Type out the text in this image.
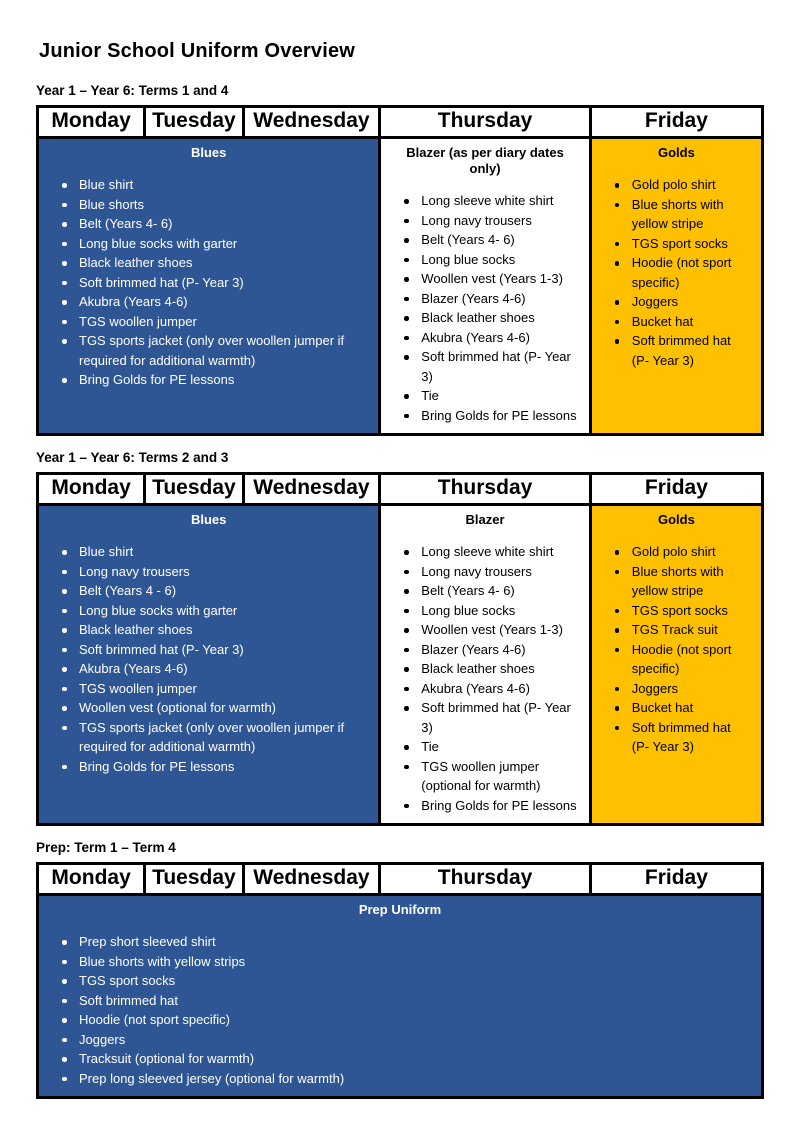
Junior School Uniform Overview
Year 1 – Year 6: Terms 1 and 4
Monday	Tuesday Wednesday	Thursday	Friday
Blues
Blue shirt
Blue shorts
Belt (Years 4- 6)
Long blue socks with garter
Black leather shoes
Soft brimmed hat (P- Year 3)
Akubra (Years 4-6)
TGS woollen jumper
TGS sports jacket (only over woollen jumper if required for additional warmth)
Bring Golds for PE lessons
Blazer (as per diary dates only)
Long sleeve white shirt
Long navy trousers
Belt (Years 4- 6)
Long blue socks
Woollen vest (Years 1-3)
Blazer (Years 4-6)
Black leather shoes
Akubra (Years 4-6)
Soft brimmed hat (P- Year 3)
Tie
Bring Golds for PE lessons
Golds
Gold polo shirt
Blue shorts with yellow stripe
TGS sport socks
Hoodie (not sport specific)
Joggers
Bucket hat
Soft brimmed hat (P- Year 3)
Year 1 – Year 6: Terms 2 and 3
Monday	Tuesday Wednesday	Thursday	Friday
Blues
Blue shirt
Long navy trousers
Belt (Years 4 - 6)
Long blue socks with garter
Black leather shoes
Soft brimmed hat (P- Year 3)
Akubra (Years 4-6)
TGS woollen jumper
Woollen vest (optional for warmth)
TGS sports jacket (only over woollen jumper if required for additional warmth)
Bring Golds for PE lessons
Blazer
Long sleeve white shirt
Long navy trousers
Belt (Years 4- 6)
Long blue socks
Woollen vest (Years 1-3)
Blazer (Years 4-6)
Black leather shoes
Akubra (Years 4-6)
Soft brimmed hat (P- Year 3)
Tie
TGS woollen jumper (optional for warmth)
Bring Golds for PE lessons
Golds
Gold polo shirt
Blue shorts with yellow stripe
TGS sport socks
TGS Track suit
Hoodie (not sport specific)
Joggers
Bucket hat
Soft brimmed hat (P- Year 3)
Prep: Term 1 – Term 4
Monday	Tuesday Wednesday	Thursday	Friday
Prep Uniform
Prep short sleeved shirt
Blue shorts with yellow strips
TGS sport socks
Soft brimmed hat
Hoodie (not sport specific)
Joggers
Tracksuit (optional for warmth)
Prep long sleeved jersey (optional for warmth)
